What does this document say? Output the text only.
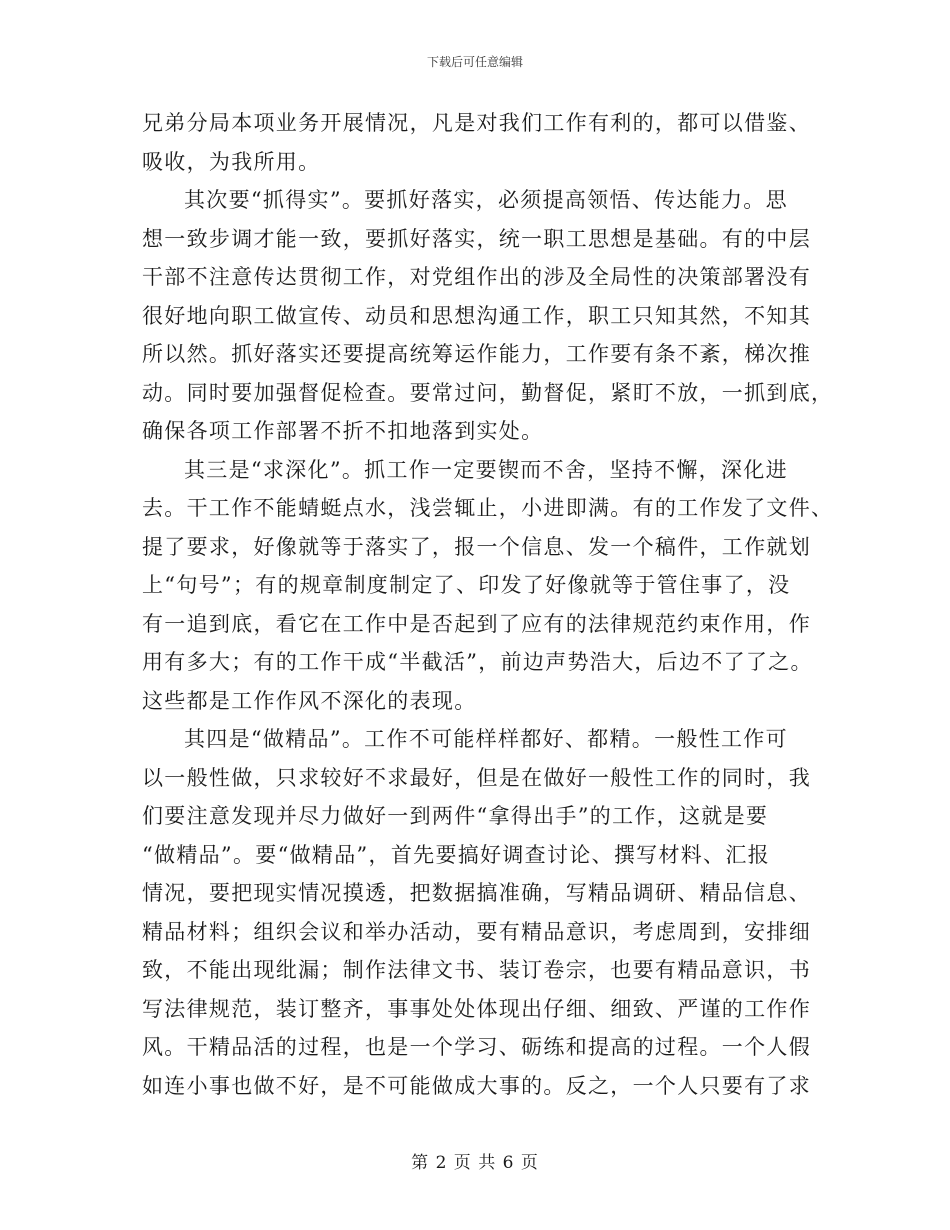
下载后可任意编辑
兄弟分局本项业务开展情况，凡是对我们工作有利的，都可以借鉴、
吸收，为我所用。
其次要“抓得实”。要抓好落实，必须提高领悟、传达能力。思
想一致步调才能一致，要抓好落实，统一职工思想是基础。有的中层
干部不注意传达贯彻工作，对党组作出的涉及全局性的决策部署没有
很好地向职工做宣传、动员和思想沟通工作，职工只知其然，不知其
所以然。抓好落实还要提高统筹运作能力，工作要有条不紊，梯次推
动。同时要加强督促检查。要常过问，勤督促，紧盯不放，一抓到底，
确保各项工作部署不折不扣地落到实处。
其三是“求深化”。抓工作一定要锲而不舍，坚持不懈，深化进
去。干工作不能蜻蜓点水，浅尝辄止，小进即满。有的工作发了文件、
提了要求，好像就等于落实了，报一个信息、发一个稿件，工作就划
上“句号”；有的规章制度制定了、印发了好像就等于管住事了，没
有一追到底，看它在工作中是否起到了应有的法律规范约束作用，作
用有多大；有的工作干成“半截活”，前边声势浩大，后边不了了之。
这些都是工作作风不深化的表现。
其四是“做精品”。工作不可能样样都好、都精。一般性工作可
以一般性做，只求较好不求最好，但是在做好一般性工作的同时，我
们要注意发现并尽力做好一到两件“拿得出手”的工作，这就是要
“做精品”。要“做精品”，首先要搞好调查讨论、撰写材料、汇报
情况，要把现实情况摸透，把数据搞准确，写精品调研、精品信息、
精品材料；组织会议和举办活动，要有精品意识，考虑周到，安排细
致，不能出现纰漏；制作法律文书、装订卷宗，也要有精品意识，书
写法律规范，装订整齐，事事处处体现出仔细、细致、严谨的工作作
风。干精品活的过程，也是一个学习、砺练和提高的过程。一个人假
如连小事也做不好，是不可能做成大事的。反之，一个人只要有了求
第 2 页 共 6 页
